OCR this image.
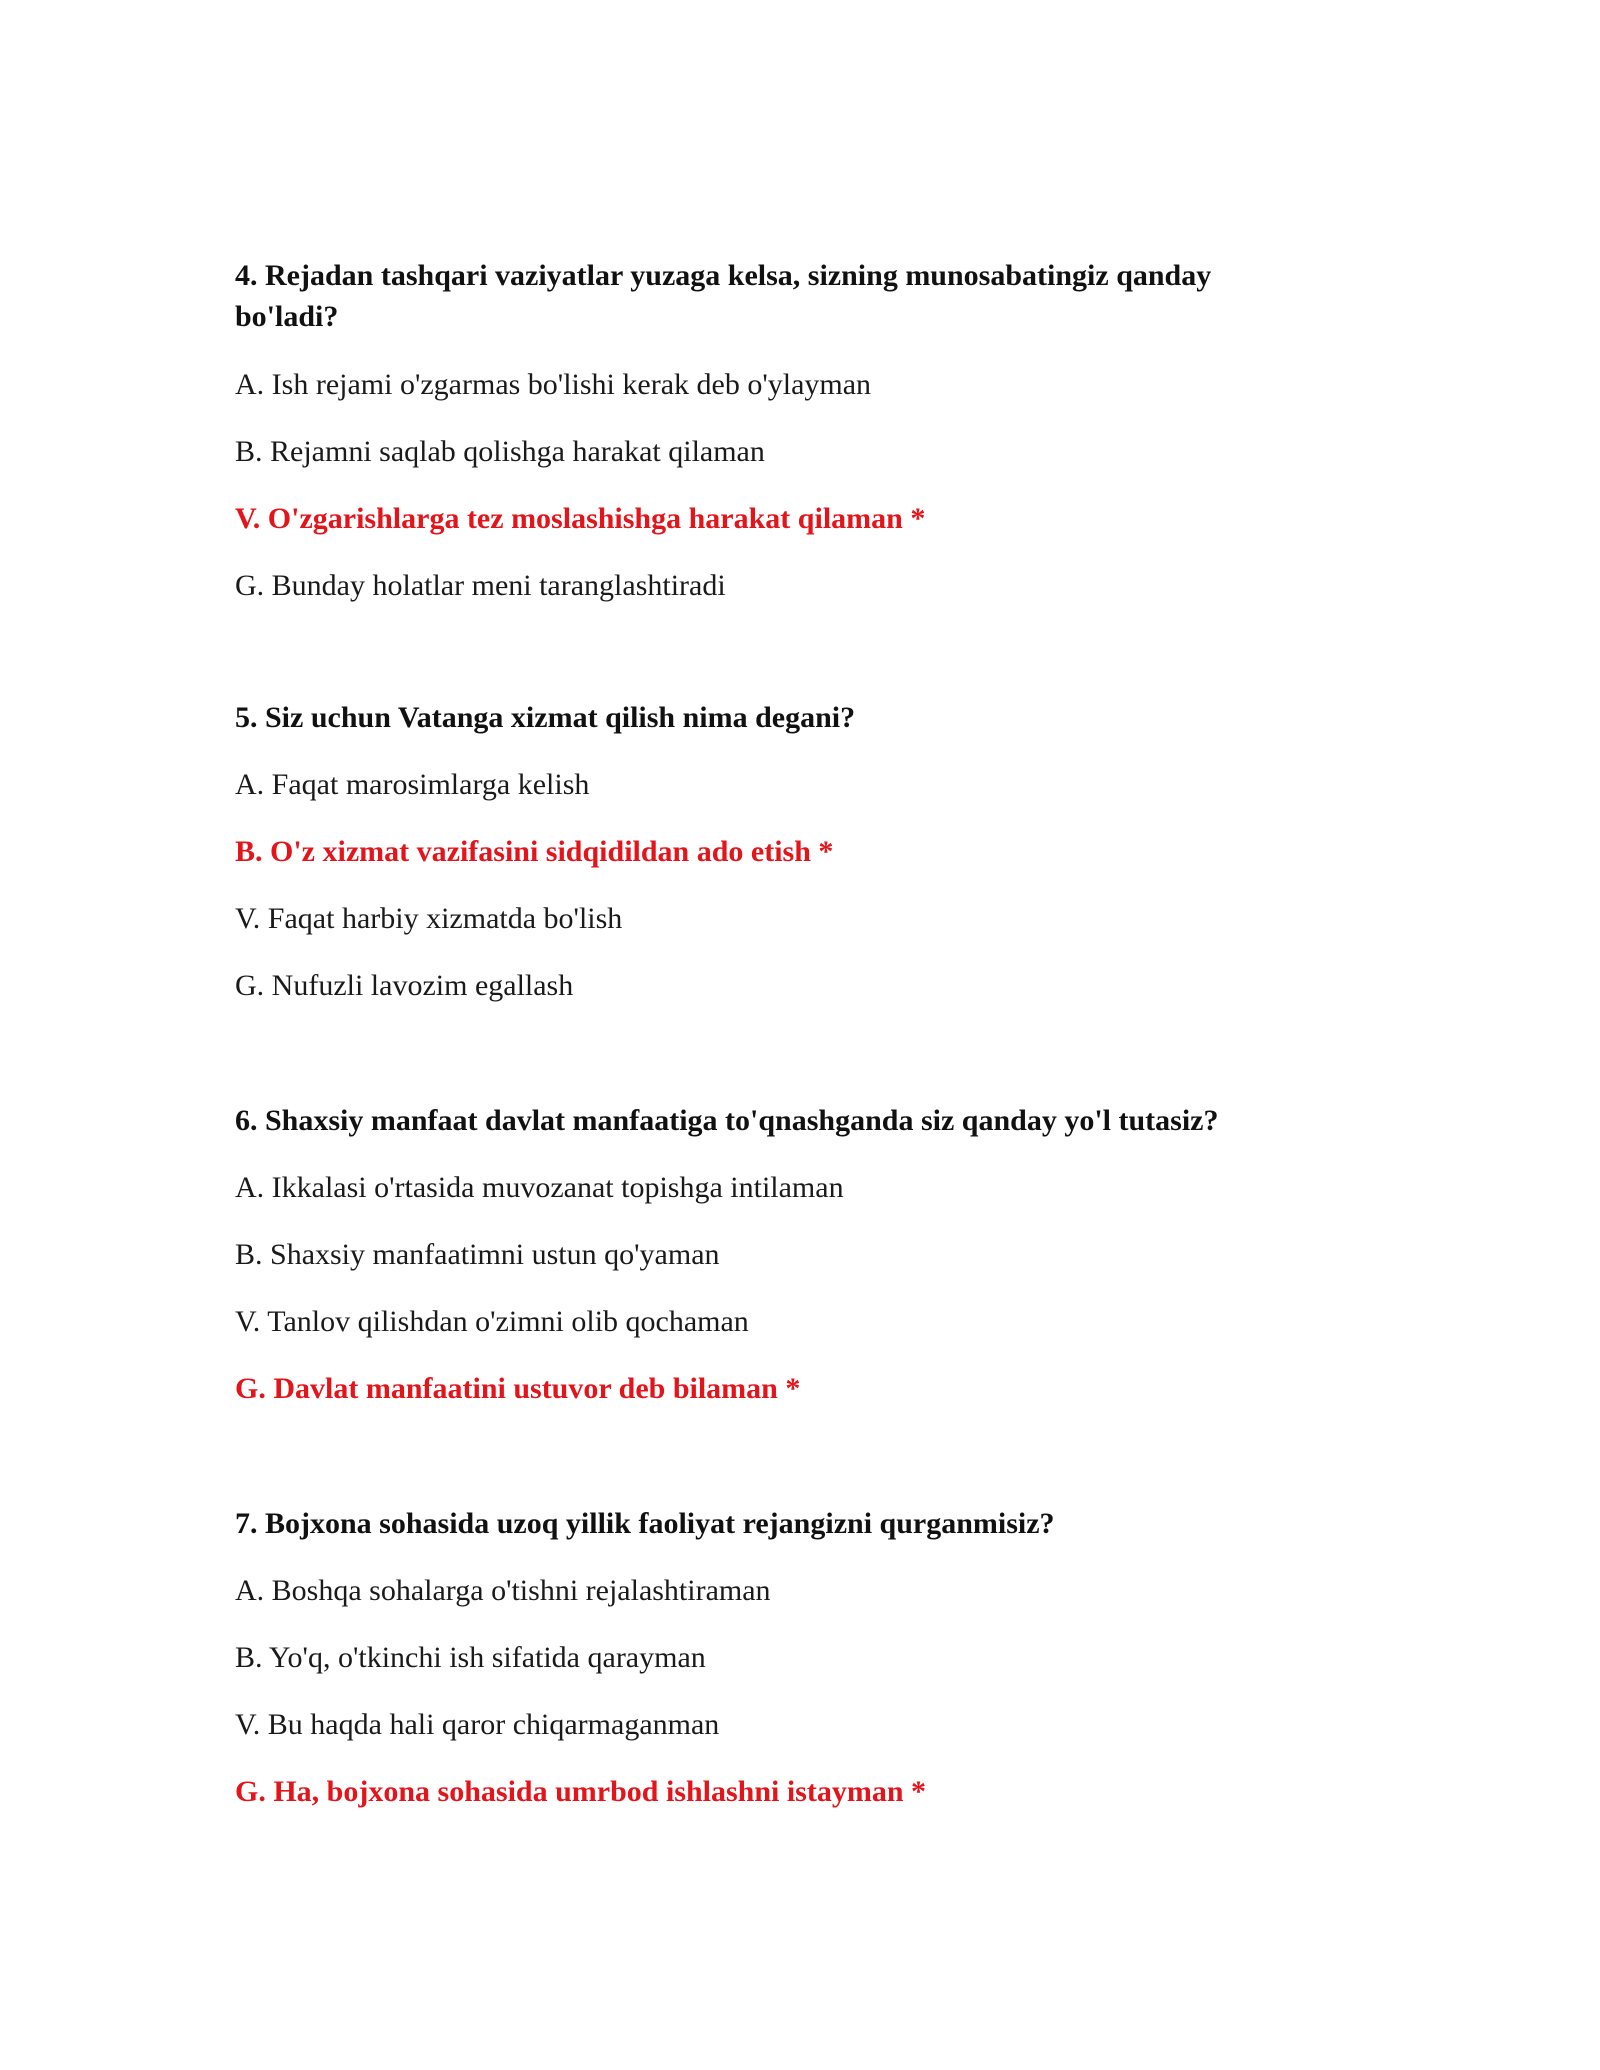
4. Rejadan tashqari vaziyatlar yuzaga kelsa, sizning munosabatingiz qanday bo'ladi?

A. Ish rejami o'zgarmas bo'lishi kerak deb o'ylayman

B. Rejamni saqlab qolishga harakat qilaman

V. O'zgarishlarga tez moslashishga harakat qilaman *

G. Bunday holatlar meni taranglashtiradi

5. Siz uchun Vatanga xizmat qilish nima degani?

A. Faqat marosimlarga kelish

B. O'z xizmat vazifasini sidqidildan ado etish *

V. Faqat harbiy xizmatda bo'lish

G. Nufuzli lavozim egallash

6. Shaxsiy manfaat davlat manfaatiga to'qnashganda siz qanday yo'l tutasiz?

A. Ikkalasi o'rtasida muvozanat topishga intilaman

B. Shaxsiy manfaatimni ustun qo'yaman

V. Tanlov qilishdan o'zimni olib qochaman

G. Davlat manfaatini ustuvor deb bilaman *

7. Bojxona sohasida uzoq yillik faoliyat rejangizni qurganmisiz?

A. Boshqa sohalarga o'tishni rejalashtiraman

B. Yo'q, o'tkinchi ish sifatida qarayman

V. Bu haqda hali qaror chiqarmaganman

G. Ha, bojxona sohasida umrbod ishlashni istayman *
